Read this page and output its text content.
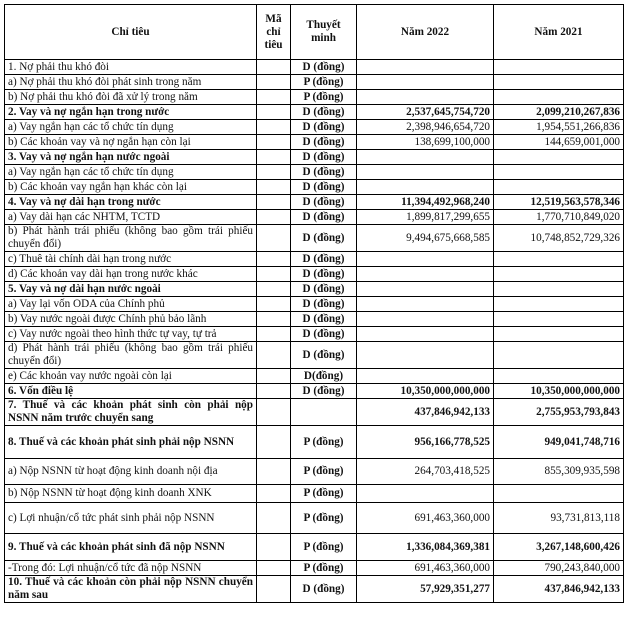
Chỉ tiêu	Mã chỉ tiêu	Thuyết minh	Năm 2022	Năm 2021
1. Nợ phải thu khó đòi		D (đồng)		
a) Nợ phải thu khó đòi phát sinh trong năm		P (đồng)		
b) Nợ phải thu khó đòi đã xử lý trong năm		P (đồng)		
2. Vay và nợ ngắn hạn trong nước		D (đồng)	2,537,645,754,720	2,099,210,267,836
a) Vay ngắn hạn các tổ chức tín dụng		D (đồng)	2,398,946,654,720	1,954,551,266,836
b) Các khoản vay và nợ ngắn hạn còn lại		D (đồng)	138,699,100,000	144,659,001,000
3. Vay và nợ ngắn hạn nước ngoài		D (đồng)		
a) Vay ngắn hạn các tổ chức tín dụng		D (đồng)		
b) Các khoản vay ngắn hạn khác còn lại		D (đồng)		
4. Vay và nợ dài hạn trong nước		D (đồng)	11,394,492,968,240	12,519,563,578,346
a) Vay dài hạn các NHTM, TCTD		D (đồng)	1,899,817,299,655	1,770,710,849,020
b) Phát hành trái phiếu (không bao gồm trái phiếu chuyển đổi)		D (đồng)	9,494,675,668,585	10,748,852,729,326
c) Thuê tài chính dài hạn trong nước		D (đồng)		
d) Các khoản vay dài hạn trong nước khác		D (đồng)		
5. Vay và nợ dài hạn nước ngoài		D (đồng)		
a) Vay lại vốn ODA của Chính phủ		D (đồng)		
b) Vay nước ngoài được Chính phủ bảo lãnh		D (đồng)		
c) Vay nước ngoài theo hình thức tự vay, tự trả		D (đồng)		
d) Phát hành trái phiếu (không bao gồm trái phiếu chuyển đổi)		D (đồng)		
e) Các khoản vay nước ngoài còn lại		D(đồng)		
6. Vốn điều lệ		D (đồng)	10,350,000,000,000	10,350,000,000,000
7. Thuế và các khoản phát sinh còn phải nộp NSNN năm trước chuyển sang			437,846,942,133	2,755,953,793,843
8. Thuế và các khoản phát sinh phải nộp NSNN		P (đồng)	956,166,778,525	949,041,748,716
a) Nộp NSNN từ hoạt động kinh doanh nội địa		P (đồng)	264,703,418,525	855,309,935,598
b) Nộp NSNN từ hoạt động kinh doanh XNK		P (đồng)		
c) Lợi nhuận/cổ tức phát sinh phải nộp NSNN		P (đồng)	691,463,360,000	93,731,813,118
9. Thuế và các khoản phát sinh đã nộp NSNN		P (đồng)	1,336,084,369,381	3,267,148,600,426
-Trong đó: Lợi nhuận/cổ tức đã nộp NSNN		P (đồng)	691,463,360,000	790,243,840,000
10. Thuế và các khoản còn phải nộp NSNN chuyển năm sau		D (đồng)	57,929,351,277	437,846,942,133
